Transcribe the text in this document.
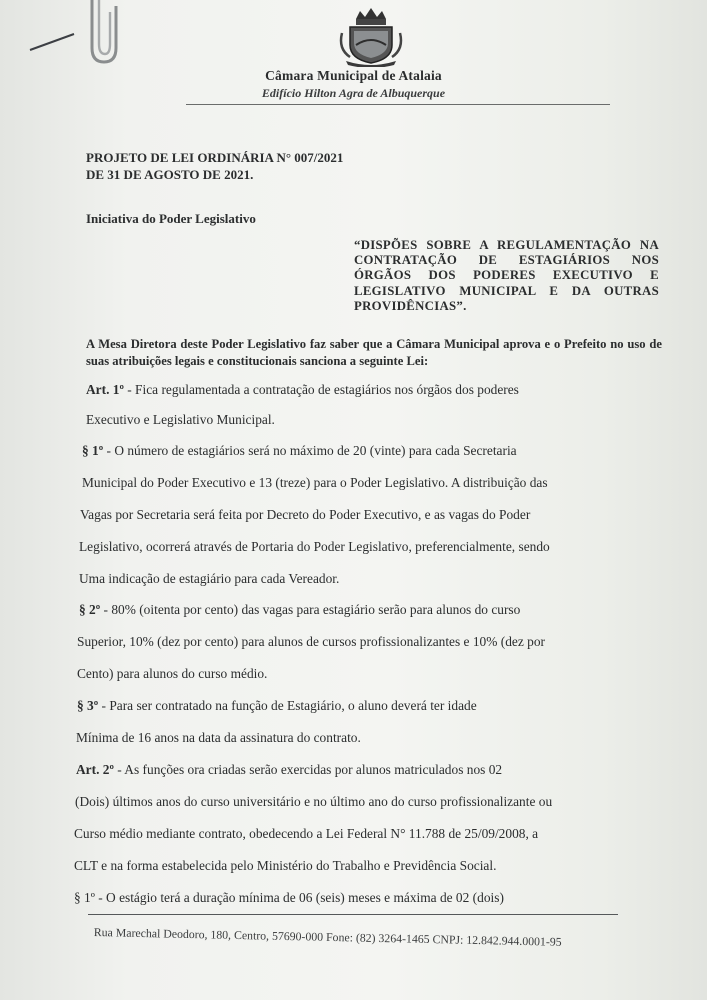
Câmara Municipal de Atalaia
Edifício Hilton Agra de Albuquerque
PROJETO DE LEI ORDINÁRIA N° 007/2021
DE 31 DE AGOSTO DE 2021.
Iniciativa do Poder Legislativo
“DISPÕES SOBRE A REGULAMENTAÇÃO NA CONTRATAÇÃO DE ESTAGIÁRIOS NOS ÓRGÃOS DOS PODERES EXECUTIVO E LEGISLATIVO MUNICIPAL E DA OUTRAS PROVIDÊNCIAS”.
A Mesa Diretora deste Poder Legislativo faz saber que a Câmara Municipal aprova e o Prefeito no uso de suas atribuições legais e constitucionais sanciona a seguinte Lei:
Art. 1º - Fica regulamentada a contratação de estagiários nos órgãos dos poderes
Executivo e Legislativo Municipal.
§ 1º - O número de estagiários será no máximo de 20 (vinte) para cada Secretaria
Municipal do Poder Executivo e 13 (treze) para o Poder Legislativo. A distribuição das
Vagas por Secretaria será feita por Decreto do Poder Executivo, e as vagas do Poder
Legislativo, ocorrerá através de Portaria do Poder Legislativo, preferencialmente, sendo
Uma indicação de estagiário para cada Vereador.
§ 2º - 80% (oitenta por cento) das vagas para estagiário serão para alunos do curso
Superior, 10% (dez por cento) para alunos de cursos profissionalizantes e 10% (dez por
Cento) para alunos do curso médio.
§ 3º - Para ser contratado na função de Estagiário, o aluno deverá ter idade
Mínima de 16 anos na data da assinatura do contrato.
Art. 2º - As funções ora criadas serão exercidas por alunos matriculados nos 02
(Dois) últimos anos do curso universitário e no último ano do curso profissionalizante ou
Curso médio mediante contrato, obedecendo a Lei Federal N° 11.788 de 25/09/2008, a
CLT e na forma estabelecida pelo Ministério do Trabalho e Previdência Social.
§ 1º - O estágio terá a duração mínima de 06 (seis) meses e máxima de 02 (dois)
Rua Marechal Deodoro, 180, Centro, 57690-000 Fone: (82) 3264-1465 CNPJ: 12.842.944.0001-95
